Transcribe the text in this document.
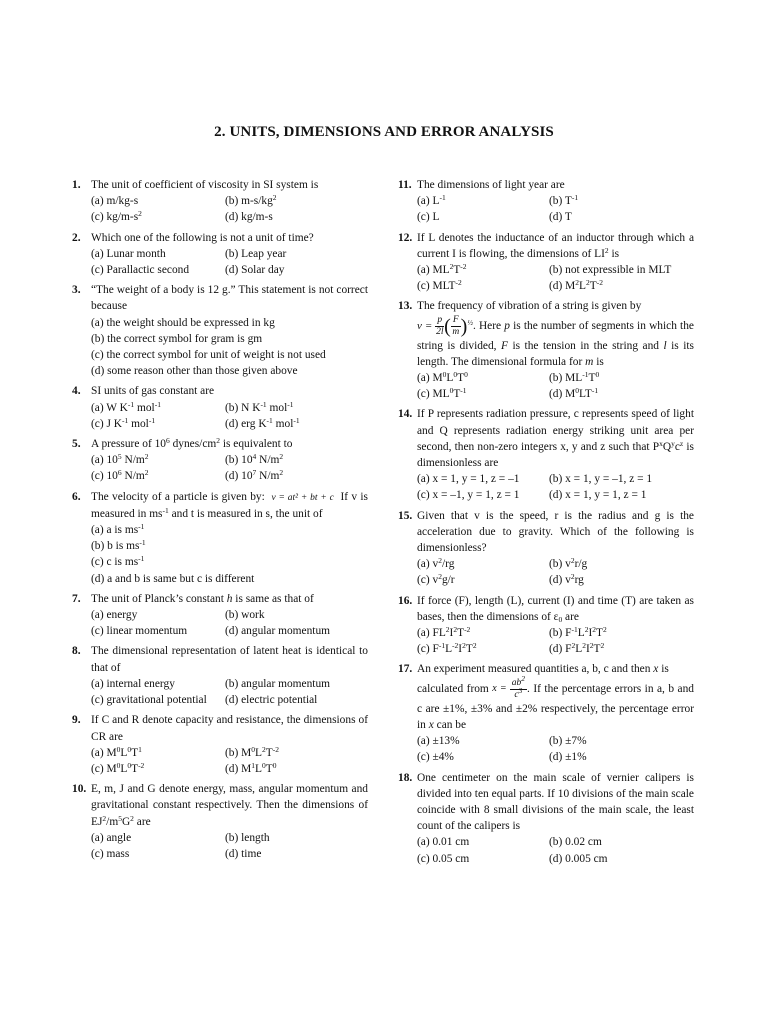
2. UNITS, DIMENSIONS AND ERROR ANALYSIS
1. The unit of coefficient of viscosity in SI system is
(a) m/kg-s	(b) $m-s/kg^2$
(c) $kg/m-s^2$	(d) kg/m-s
2. Which one of the following is not a unit of time?
(a) Lunar month	(b) Leap year
(c) Parallactic second	(d) Solar day
3. “The weight of a body is 12 g.” This statement is not correct because
(a) the weight should be expressed in kg
(b) the correct symbol for gram is gm
(c) the correct symbol for unit of weight is not used
(d) some reason other than those given above
4. SI units of gas constant are
(a) W $K^{-1}$ mol$^{-1}$	(b) N $K^{-1}$ mol$^{-1}$
(c) J $K^{-1}$ mol$^{-1}$	(d) erg $K^{-1}$ mol$^{-1}$
5. A pressure of $10^6$ dynes/$cm^2$ is equivalent to
(a) $10^5$ $N/m^2$	(b) $10^4$ $N/m^2$
(c) $10^6$ $N/m^2$	(d) $10^7$ $N/m^2$
6. The velocity of a particle is given by: v = at² + bt + c If v is measured in $ms^{-1}$ and t is measured in s, the unit of
(a) a is $ms^{-1}$
(b) b is $ms^{-1}$
(c) c is $ms^{-1}$
(d) a and b is same but c is different
7. The unit of Planck’s constant h is same as that of
(a) energy	(b) work
(c) linear momentum	(d) angular momentum
8. The dimensional representation of latent heat is identical to that of
(a) internal energy	(b) angular momentum
(c) gravitational potential	(d) electric potential
9. If C and R denote capacity and resistance, the dimensions of CR are
(a) $M^0L^0T^1$	(b) $M^0L^2T^{-2}$
(c) $M^0L^0T^{-2}$	(d) $M^1L^0T^0$
10. E, m, J and G denote energy, mass, angular momentum and gravitational constant respectively. Then the dimensions of $EJ^2/m^5G^2$ are
(a) angle	(b) length
(c) mass	(d) time
11. The dimensions of light year are
(a) $L^{-1}$	(b) $T^{-1}$
(c) L	(d) T
12. If L denotes the inductance of an inductor through which a current I is flowing, the dimensions of $LI^2$ is
(a) $ML^2T^{-2}$	(b) not expressible in MLT
(c) $MLT^{-2}$	(d) $M^2L^2T^{-2}$
13. The frequency of vibration of a string is given by
$\nu = \frac{p}{2l}$ ( $\frac{F}{m} )^{\frac{1}{2}}$. Here p is the number of segments in which the string is divided, F is the tension in the string and l is its length. The dimensional formula for m is
(a) $M^0L^0T^0$	(b) $ML^{-1}T^0$
(c) $ML^0T^{-1}$	(d) $M^0LT^{-1}$
14. If P represents radiation pressure, c represents speed of light and Q represents radiation energy striking unit area per second, then non-zero integers x, y and z such that $P^xQ^yc^z$ is dimensionless are
(a) x = 1, y = 1, z = –1	(b) x = 1, y = –1, z = 1
(c) x = –1, y = 1, z = 1	(d) x = 1, y = 1, z = 1
15. Given that v is the speed, r is the radius and g is the acceleration due to gravity. Which of the following is dimensionless?
(a) $v^2/rg$	(b) $v^2r/g$
(c) $v^2g/r$	(d) $v^2rg$
16. If force (F), length (L), current (I) and time (T) are taken as bases, then the dimensions of $\varepsilon_0$ are
(a) $FL^2I^2T^{-2}$	(b) $F^{-1}L^2I^2T^2$
(c) $F^{-1}L^{-2}I^2T^2$	(d) $F^2L^2I^2T^2$
17. An experiment measured quantities a, b, c and then x is
calculated from $x = \frac{ab^2}{c^3}$ . If the percentage errors in a, b and c are ±1%, ±3% and ±2% respectively, the percentage error in x can be
(a) ±13%	(b) ±7%
(c) ±4%	(d) ±1%
18. One centimeter on the main scale of vernier calipers is divided into ten equal parts. If 10 divisions of the main scale coincide with 8 small divisions of the main scale, the least count of the calipers is
(a) 0.01 cm	(b) 0.02 cm
(c) 0.05 cm	(d) 0.005 cm
